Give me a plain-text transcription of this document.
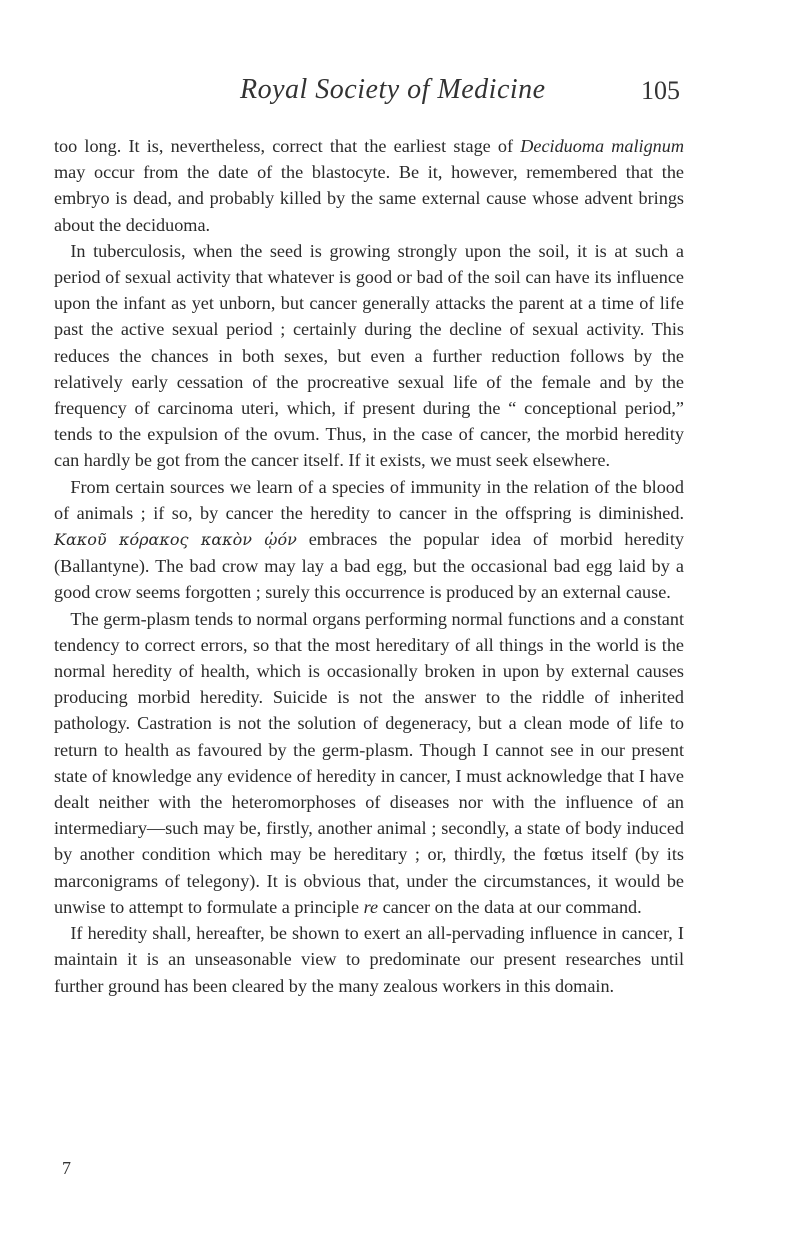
Royal Society of Medicine	105

too long. It is, nevertheless, correct that the earliest stage of Deciduoma malignum may occur from the date of the blastocyte. Be it, however, remembered that the embryo is dead, and probably killed by the same external cause whose advent brings about the deciduoma.

In tuberculosis, when the seed is growing strongly upon the soil, it is at such a period of sexual activity that whatever is good or bad of the soil can have its influence upon the infant as yet unborn, but cancer generally attacks the parent at a time of life past the active sexual period ; certainly during the decline of sexual activity. This reduces the chances in both sexes, but even a further reduction follows by the relatively early cessation of the procreative sexual life of the female and by the frequency of carcinoma uteri, which, if present during the “ conceptional period,” tends to the expulsion of the ovum. Thus, in the case of cancer, the morbid heredity can hardly be got from the cancer itself. If it exists, we must seek elsewhere.

From certain sources we learn of a species of immunity in the relation of the blood of animals ; if so, by cancer the heredity to cancer in the offspring is diminished. Κακοῦ κόρακος κακὸν ᾠόν embraces the popular idea of morbid heredity (Ballantyne). The bad crow may lay a bad egg, but the occasional bad egg laid by a good crow seems forgotten ; surely this occurrence is produced by an external cause.

The germ-plasm tends to normal organs performing normal functions and a constant tendency to correct errors, so that the most hereditary of all things in the world is the normal heredity of health, which is occasionally broken in upon by external causes producing morbid heredity. Suicide is not the answer to the riddle of inherited pathology. Castration is not the solution of degeneracy, but a clean mode of life to return to health as favoured by the germ-plasm. Though I cannot see in our present state of knowledge any evidence of heredity in cancer, I must acknowledge that I have dealt neither with the heteromorphoses of diseases nor with the influence of an intermediary—such may be, firstly, another animal ; secondly, a state of body induced by another condition which may be hereditary ; or, thirdly, the fœtus itself (by its marconigrams of telegony). It is obvious that, under the circumstances, it would be unwise to attempt to formulate a principle re cancer on the data at our command.

If heredity shall, hereafter, be shown to exert an all-pervading influence in cancer, I maintain it is an unseasonable view to predominate our present researches until further ground has been cleared by the many zealous workers in this domain.

7
